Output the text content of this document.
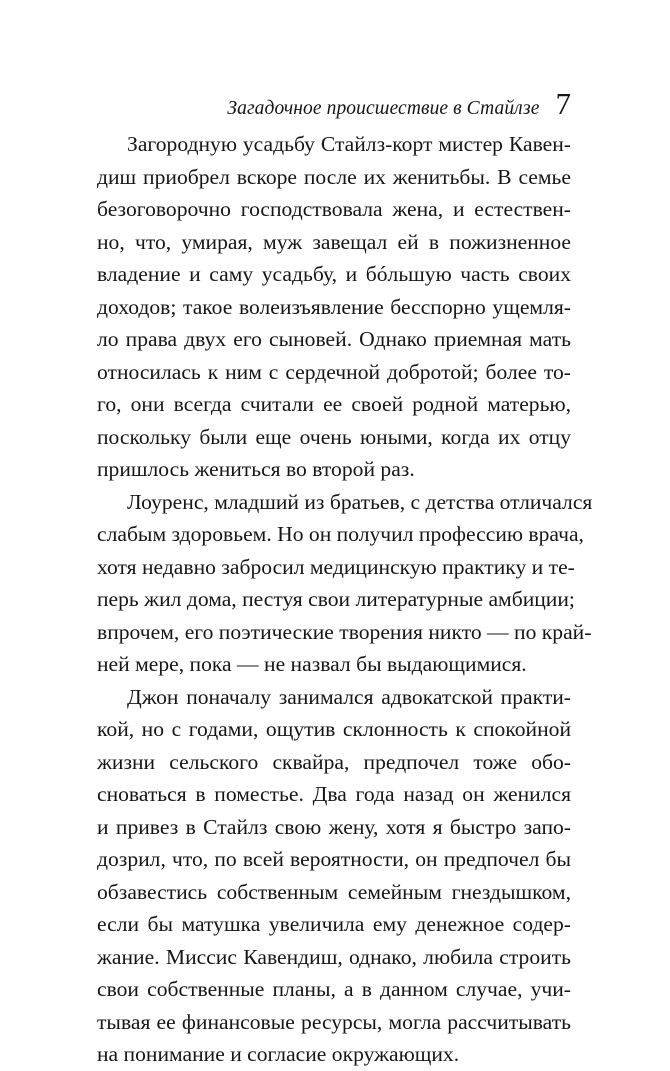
Загадочное происшествие в Стайлзе 7

Загородную усадьбу Стайлз-корт мистер Кавен-
диш приобрел вскоре после их женитьбы. В семье
безоговорочно господствовала жена, и естествен-
но, что, умирая, муж завещал ей в пожизненное
владение и саму усадьбу, и бóльшую часть своих
доходов; такое волеизъявление бесспорно ущемля-
ло права двух его сыновей. Однако приемная мать
относилась к ним с сердечной добротой; более то-
го, они всегда считали ее своей родной матерью,
поскольку были еще очень юными, когда их отцу
пришлось жениться во второй раз.

Лоуренс, младший из братьев, с детства отличался
слабым здоровьем. Но он получил профессию врача,
хотя недавно забросил медицинскую практику и те-
перь жил дома, пестуя свои литературные амбиции;
впрочем, его поэтические творения никто — по край-
ней мере, пока — не назвал бы выдающимися.

Джон поначалу занимался адвокатской практи-
кой, но с годами, ощутив склонность к спокойной
жизни сельского сквайра, предпочел тоже обо-
сноваться в поместье. Два года назад он женился
и привез в Стайлз свою жену, хотя я быстро запо-
дозрил, что, по всей вероятности, он предпочел бы
обзавестись собственным семейным гнездышком,
если бы матушка увеличила ему денежное содер-
жание. Миссис Кавендиш, однако, любила строить
свои собственные планы, а в данном случае, учи-
тывая ее финансовые ресурсы, могла рассчитывать
на понимание и согласие окружающих.
